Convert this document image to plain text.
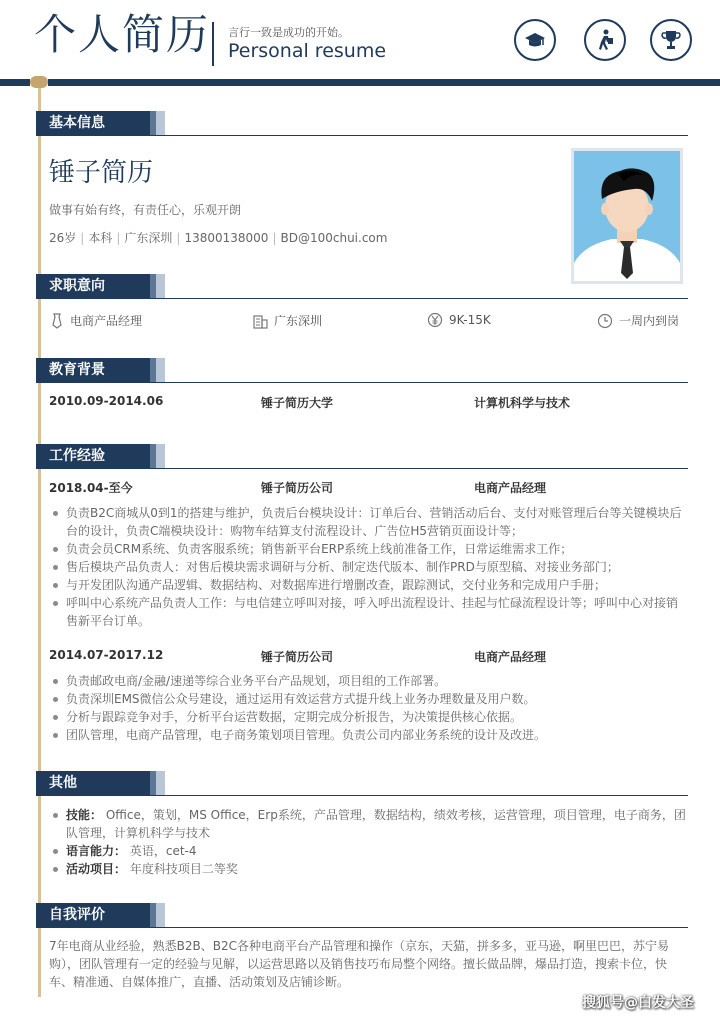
个人简历 言行一致是成功的开始。
Personal resume
基本信息
锤子简历
做事有始有终，有责任心，乐观开朗
26岁 | 本科 | 广东深圳 | 13800138000 | BD@100chui.com
求职意向
电商产品经理	广东深圳	9K-15K	一周内到岗
教育背景
2010.09-2014.06	锤子简历大学	计算机科学与技术
工作经验
2018.04-至今	锤子简历公司	电商产品经理
负责B2C商城从0到1的搭建与维护，负责后台模块设计：订单后台、营销活动后台、支付对账管理后台等关键模块后台的设计，负责C端模块设计：购物车结算支付流程设计、广告位H5营销页面设计等；
负责会员CRM系统、负责客服系统；销售新平台ERP系统上线前准备工作，日常运维需求工作；
售后模块产品负责人：对售后模块需求调研与分析、制定迭代版本、制作PRD与原型稿、对接业务部门；
与开发团队沟通产品逻辑、数据结构、对数据库进行增删改查，跟踪测试，交付业务和完成用户手册；
呼叫中心系统产品负责人工作：与电信建立呼叫对接，呼入呼出流程设计、挂起与忙碌流程设计等；呼叫中心对接销售新平台订单。
2014.07-2017.12	锤子简历公司	电商产品经理
负责邮政电商/金融/速递等综合业务平台产品规划，项目组的工作部署。
负责深圳EMS微信公众号建设，通过运用有效运营方式提升线上业务办理数量及用户数。
分析与跟踪竞争对手，分析平台运营数据，定期完成分析报告，为决策提供核心依据。
团队管理，电商产品管理，电子商务策划项目管理。负责公司内部业务系统的设计及改进。
其他
技能： Office，策划，MS Office，Erp系统，产品管理，数据结构，绩效考核，运营管理，项目管理，电子商务，团队管理，计算机科学与技术
语言能力： 英语，cet-4
活动项目： 年度科技项目二等奖
自我评价
7年电商从业经验，熟悉B2B、B2C各种电商平台产品管理和操作（京东，天猫，拼多多，亚马逊，啊里巴巴，苏宁易购），团队管理有一定的经验与见解，以运营思路以及销售技巧布局整个网络。擅长做品牌，爆品打造，搜索卡位，快车、精准通、自媒体推广，直播、活动策划及店铺诊断。
搜狐号@白发大圣
